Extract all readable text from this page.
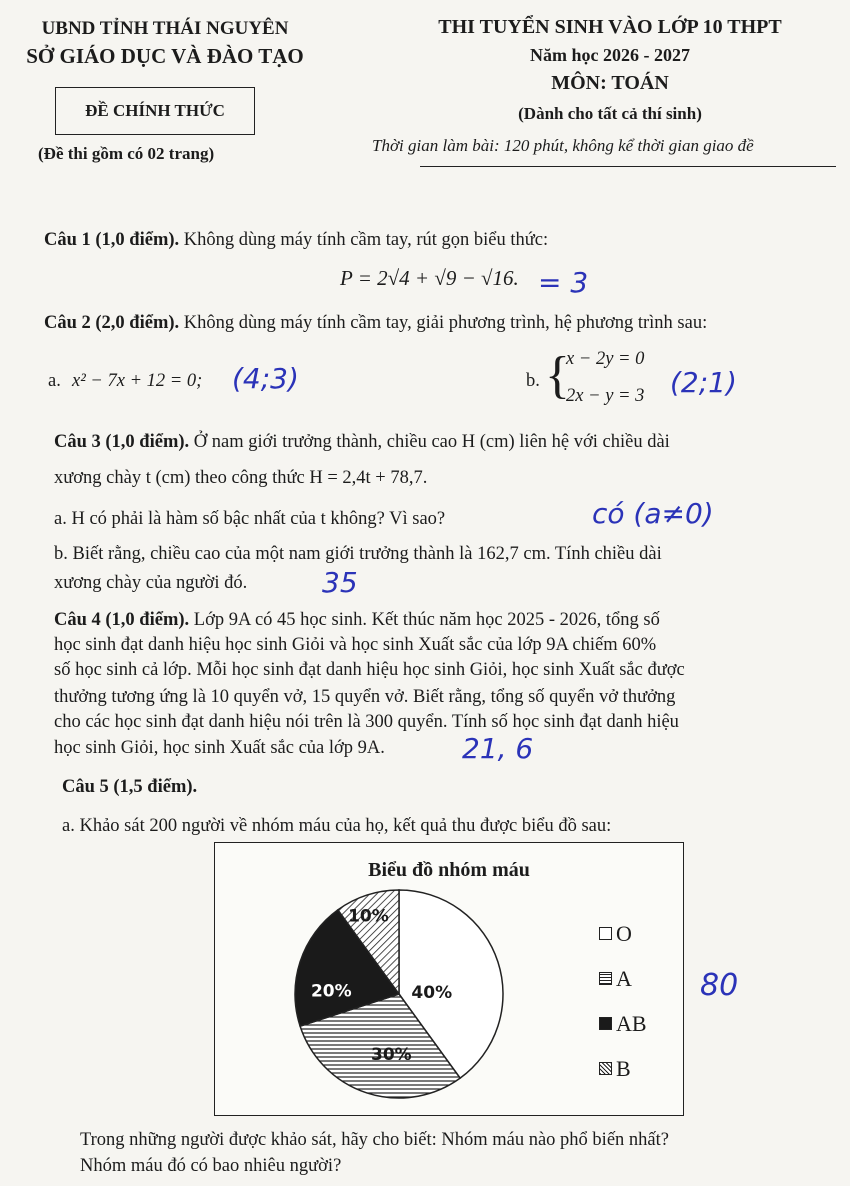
UBND TỈNH THÁI NGUYÊN
SỞ GIÁO DỤC VÀ ĐÀO TẠO
ĐỀ CHÍNH THỨC
(Đề thi gồm có 02 trang)
THI TUYỂN SINH VÀO LỚP 10 THPT
Năm học 2026 - 2027
MÔN: TOÁN
(Dành cho tất cả thí sinh)
Thời gian làm bài: 120 phút, không kể thời gian giao đề
Câu 1 (1,0 điểm). Không dùng máy tính cầm tay, rút gọn biểu thức:
P = 2√4 + √9 − √16. = 3
Câu 2 (2,0 điểm). Không dùng máy tính cầm tay, giải phương trình, hệ phương trình sau:
a. x² − 7x + 12 = 0; (4;3)	b. {
x − 2y = 0
2x − y = 3 (2;1)
Câu 3 (1,0 điểm). Ở nam giới trưởng thành, chiều cao H (cm) liên hệ với chiều dài
xương chày t (cm) theo công thức H = 2,4t + 78,7.
a. H có phải là hàm số bậc nhất của t không? Vì sao?	có (a≠0)
b. Biết rằng, chiều cao của một nam giới trưởng thành là 162,7 cm. Tính chiều dài
xương chày của người đó.	35
Câu 4 (1,0 điểm). Lớp 9A có 45 học sinh. Kết thúc năm học 2025 - 2026, tổng số
học sinh đạt danh hiệu học sinh Giỏi và học sinh Xuất sắc của lớp 9A chiếm 60%
số học sinh cả lớp. Mỗi học sinh đạt danh hiệu học sinh Giỏi, học sinh Xuất sắc được
thưởng tương ứng là 10 quyển vở, 15 quyển vở. Biết rằng, tổng số quyển vở thưởng
cho các học sinh đạt danh hiệu nói trên là 300 quyển. Tính số học sinh đạt danh hiệu
học sinh Giỏi, học sinh Xuất sắc của lớp 9A.	21, 6
Câu 5 (1,5 điểm).
a. Khảo sát 200 người về nhóm máu của họ, kết quả thu được biểu đồ sau:
Biểu đồ nhóm máu
40%
30%
20%
10%
O
A
AB
B
80
Trong những người được khảo sát, hãy cho biết: Nhóm máu nào phổ biến nhất?
Nhóm máu đó có bao nhiêu người?
